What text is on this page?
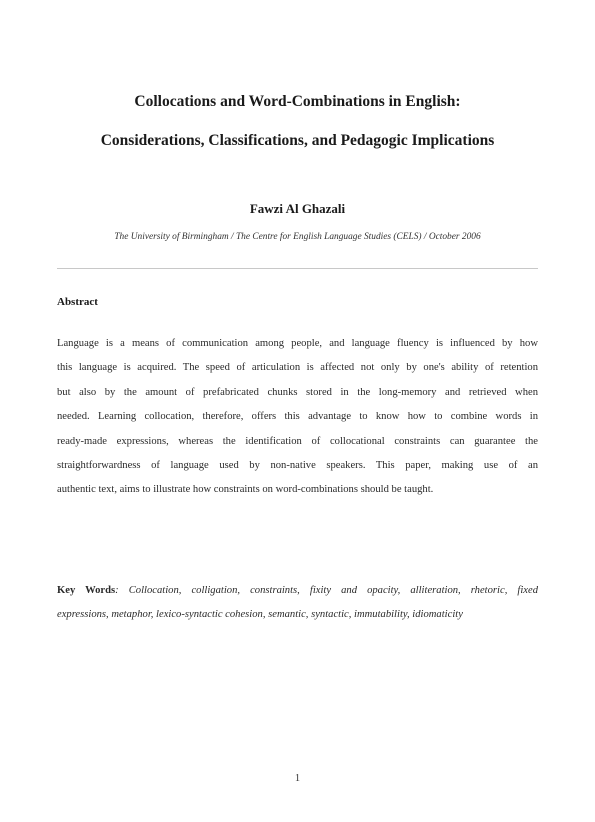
Collocations and Word-Combinations in English:
Considerations, Classifications, and Pedagogic Implications
Fawzi Al Ghazali
The University of Birmingham / The Centre for English Language Studies (CELS) / October 2006
Abstract
Language is a means of communication among people, and language fluency is influenced by how
this language is acquired. The speed of articulation is affected not only by one's ability of retention
but also by the amount of prefabricated chunks stored in the long-memory and retrieved when
needed. Learning collocation, therefore, offers this advantage to know how to combine words in
ready-made expressions, whereas the identification of collocational constraints can guarantee the
straightforwardness of language used by non-native speakers. This paper, making use of an
authentic text, aims to illustrate how constraints on word-combinations should be taught.
Key Words: Collocation, colligation, constraints, fixity and opacity, alliteration, rhetoric, fixed
expressions, metaphor, lexico-syntactic cohesion, semantic, syntactic, immutability, idiomaticity
1
